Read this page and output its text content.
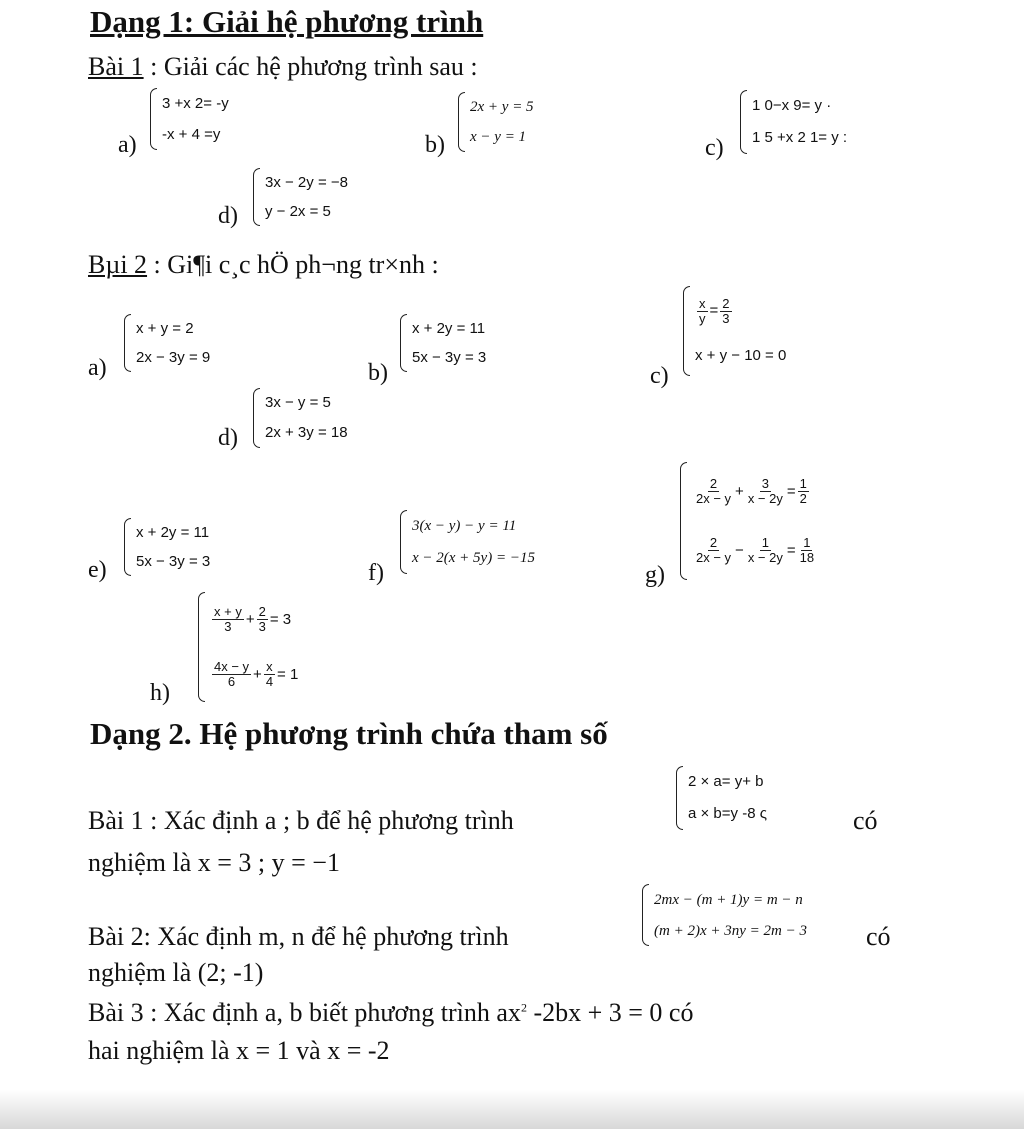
Dạng 1: Giải hệ phương trình
Bài 1 : Giải các hệ phương trình sau :
a)
3 +x 2= -y
-x + 4 =y	b)
2x + y = 5
x − y = 1	c)
1 0−x 9= y ·
1 5 +x 2 1= y :
d)
3x − 2y = −8
y − 2x = 5
Bµi 2 : Gi¶i c¸c hÖ ph¬ng tr×nh :
a)
x + y = 2
2x − 3y = 9
b)
x + 2y = 11
5x − 3y = 3
c)
$\frac{x}{y} = \frac{2}{3}$
x + y − 10 = 0
d)
3x − y = 5
2x + 3y = 18
e)
x + 2y = 11
5x − 3y = 3	f)
3(x − y) − y = 11
x − 2(x + 5y) = −15
g)
$\frac{2}{2x - y} + \frac{3}{x - 2y} = \frac{1}{2}$
$\frac{2}{2x - y} - \frac{1}{x - 2y} = \frac{1}{18}$
h)
$\frac{x + y}{3} + \frac{2}{3} = 3$
$\frac{4x - y}{6} + \frac{x}{4} = 1$
Dạng 2. Hệ phương trình chứa tham số
Bài 1 : Xác định a ; b để hệ phương trình
2 × a= y+ b
a × b=y -8 ς	có
nghiệm là x = 3 ; y = −1
Bài 2: Xác định m, n để hệ phương trình
2mx − (m + 1)y = m − n
(m + 2)x + 3ny = 2m − 3 có
nghiệm là (2; -1)
Bài 3 : Xác định a, b biết phương trình $ax^2$ -2bx + 3 = 0 có
hai nghiệm là x = 1 và x = -2
